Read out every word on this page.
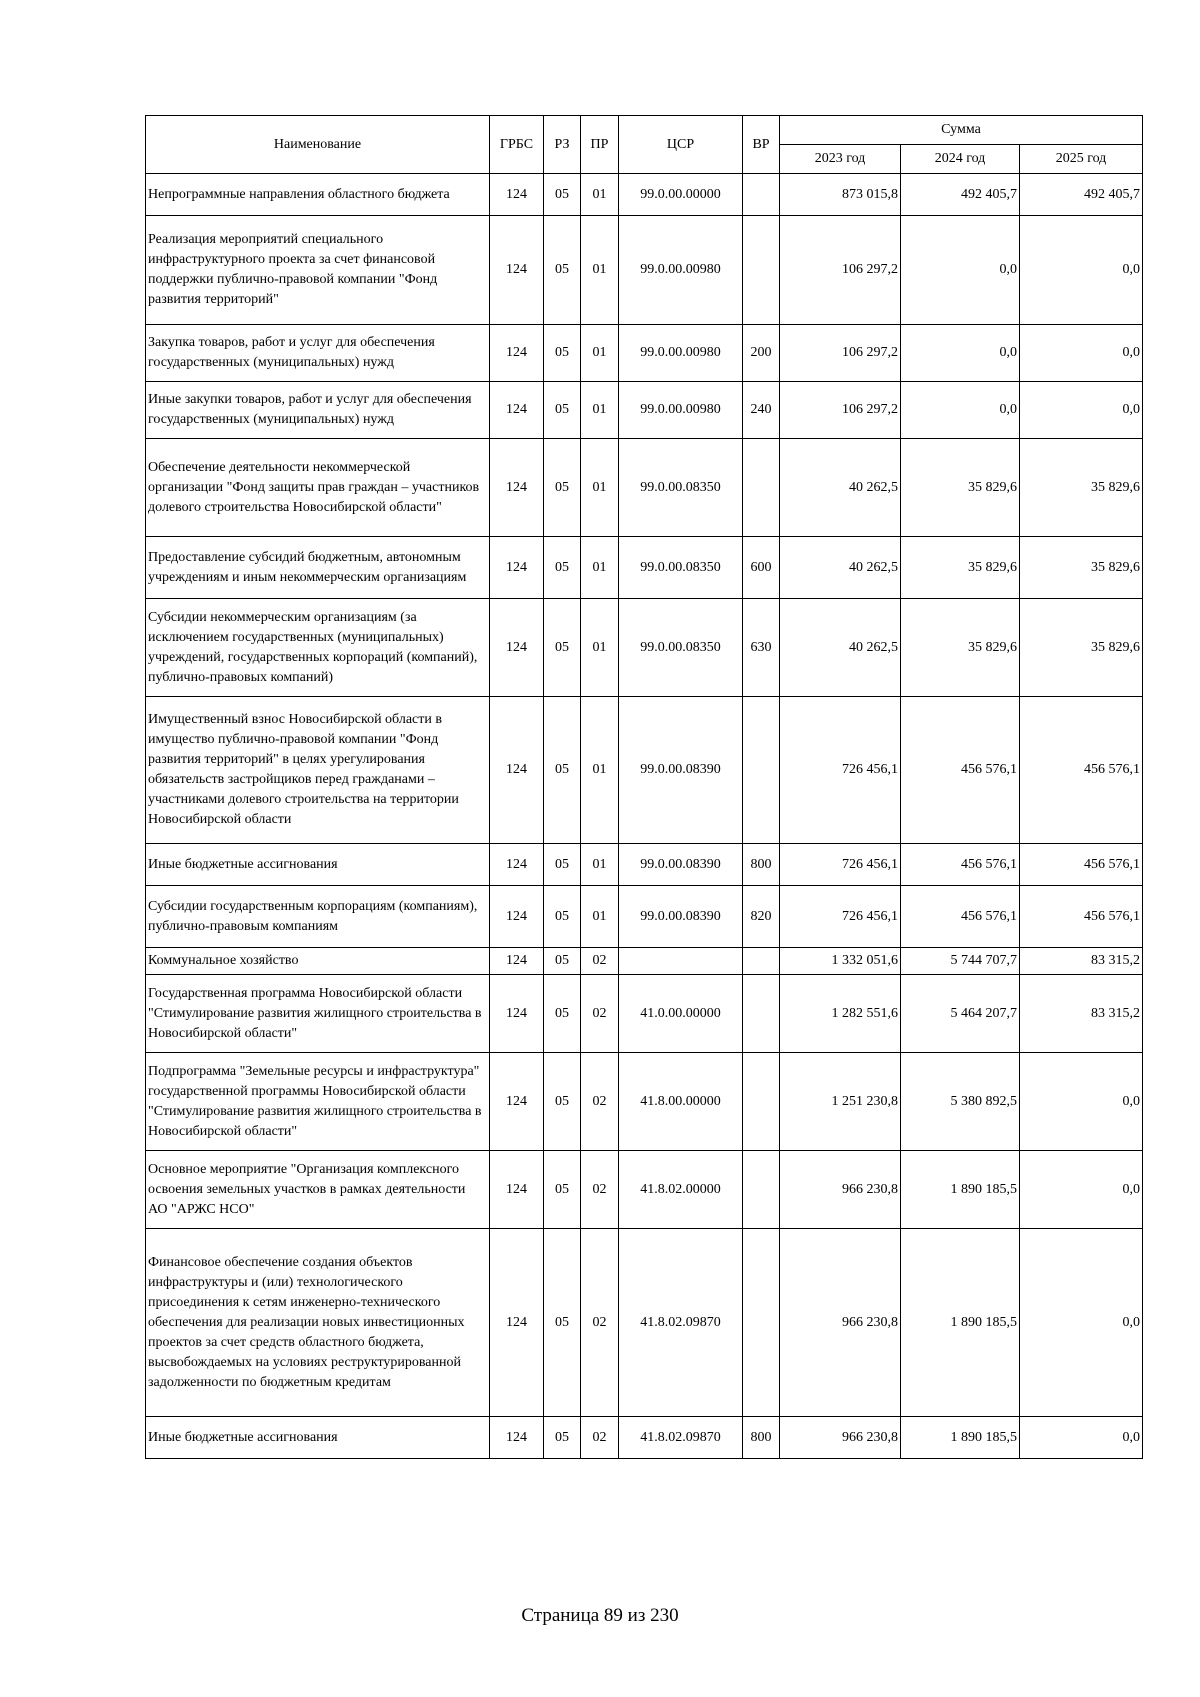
Наименование	ГРБС	РЗ	ПР	ЦСР	ВР	Сумма		
						2023 год	2024 год	2025 год
Непрограммные направления областного бюджета	124	05	01	99.0.00.00000		873 015,8	492 405,7	492 405,7
Реализация мероприятий специального инфраструктурного проекта за счет финансовой поддержки публично-правовой компании "Фонд развития территорий"	124	05	01	99.0.00.00980		106 297,2	0,0	0,0
Закупка товаров, работ и услуг для обеспечения государственных (муниципальных) нужд	124	05	01	99.0.00.00980	200	106 297,2	0,0	0,0
Иные закупки товаров, работ и услуг для обеспечения государственных (муниципальных) нужд	124	05	01	99.0.00.00980	240	106 297,2	0,0	0,0
Обеспечение деятельности некоммерческой организации "Фонд защиты прав граждан – участников долевого строительства Новосибирской области"	124	05	01	99.0.00.08350		40 262,5	35 829,6	35 829,6
Предоставление субсидий бюджетным, автономным учреждениям и иным некоммерческим организациям	124	05	01	99.0.00.08350	600	40 262,5	35 829,6	35 829,6
Субсидии некоммерческим организациям (за исключением государственных (муниципальных) учреждений, государственных корпораций (компаний), публично-правовых компаний)	124	05	01	99.0.00.08350	630	40 262,5	35 829,6	35 829,6
Имущественный взнос Новосибирской области в имущество публично-правовой компании "Фонд развития территорий" в целях урегулирования обязательств застройщиков перед гражданами – участниками долевого строительства на территории Новосибирской области	124	05	01	99.0.00.08390		726 456,1	456 576,1	456 576,1
Иные бюджетные ассигнования	124	05	01	99.0.00.08390	800	726 456,1	456 576,1	456 576,1
Субсидии государственным корпорациям (компаниям), публично-правовым компаниям	124	05	01	99.0.00.08390	820	726 456,1	456 576,1	456 576,1
Коммунальное хозяйство	124	05	02			1 332 051,6	5 744 707,7	83 315,2
Государственная программа Новосибирской области "Стимулирование развития жилищного строительства в Новосибирской области"	124	05	02	41.0.00.00000		1 282 551,6	5 464 207,7	83 315,2
Подпрограмма "Земельные ресурсы и инфраструктура" государственной программы Новосибирской области "Стимулирование развития жилищного строительства в Новосибирской области"	124	05	02	41.8.00.00000		1 251 230,8	5 380 892,5	0,0
Основное мероприятие "Организация комплексного освоения земельных участков в рамках деятельности АО "АРЖС НСО"	124	05	02	41.8.02.00000		966 230,8	1 890 185,5	0,0
Финансовое обеспечение создания объектов инфраструктуры и (или) технологического присоединения к сетям инженерно-технического обеспечения для реализации новых инвестиционных проектов за счет средств областного бюджета, высвобождаемых на условиях реструктурированной задолженности по бюджетным кредитам	124	05	02	41.8.02.09870		966 230,8	1 890 185,5	0,0
Иные бюджетные ассигнования	124	05	02	41.8.02.09870	800	966 230,8	1 890 185,5	0,0
Страница 89 из 230
